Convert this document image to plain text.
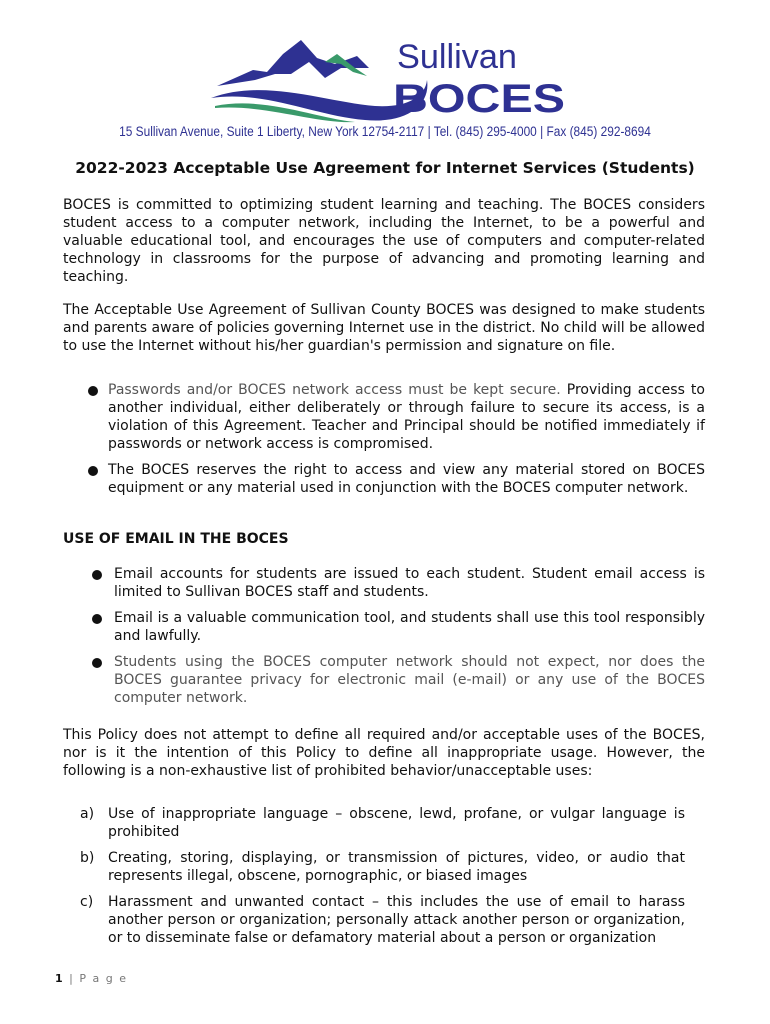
Sullivan
BOCES
15 Sullivan Avenue, Suite 1 Liberty, New York 12754-2117 | Tel. (845) 295-4000 | Fax (845) 292-8694
2022-2023 Acceptable Use Agreement for Internet Services (Students)
BOCES is committed to optimizing student learning and teaching. The BOCES considers student access to a computer network, including the Internet, to be a powerful and valuable educational tool, and encourages the use of computers and computer-related technology in classrooms for the purpose of advancing and promoting learning and teaching.
The Acceptable Use Agreement of Sullivan County BOCES was designed to make students and parents aware of policies governing Internet use in the district. No child will be allowed to use the Internet without his/her guardian's permission and signature on file.
Passwords and/or BOCES network access must be kept secure. Providing access to another individual, either deliberately or through failure to secure its access, is a violation of this Agreement. Teacher and Principal should be notified immediately if passwords or network access is compromised.
The BOCES reserves the right to access and view any material stored on BOCES equipment or any material used in conjunction with the BOCES computer network.
USE OF EMAIL IN THE BOCES
Email accounts for students are issued to each student. Student email access is limited to Sullivan BOCES staff and students.
Email is a valuable communication tool, and students shall use this tool responsibly and lawfully.
Students using the BOCES computer network should not expect, nor does the BOCES guarantee privacy for electronic mail (e-mail) or any use of the BOCES computer network.
This Policy does not attempt to define all required and/or acceptable uses of the BOCES, nor is it the intention of this Policy to define all inappropriate usage. However, the following is a non-exhaustive list of prohibited behavior/unacceptable uses:
a) Use of inappropriate language – obscene, lewd, profane, or vulgar language is prohibited
b) Creating, storing, displaying, or transmission of pictures, video, or audio that represents illegal, obscene, pornographic, or biased images
c) Harassment and unwanted contact – this includes the use of email to harass another person or organization; personally attack another person or organization, or to disseminate false or defamatory material about a person or organization
1 | P a g e
